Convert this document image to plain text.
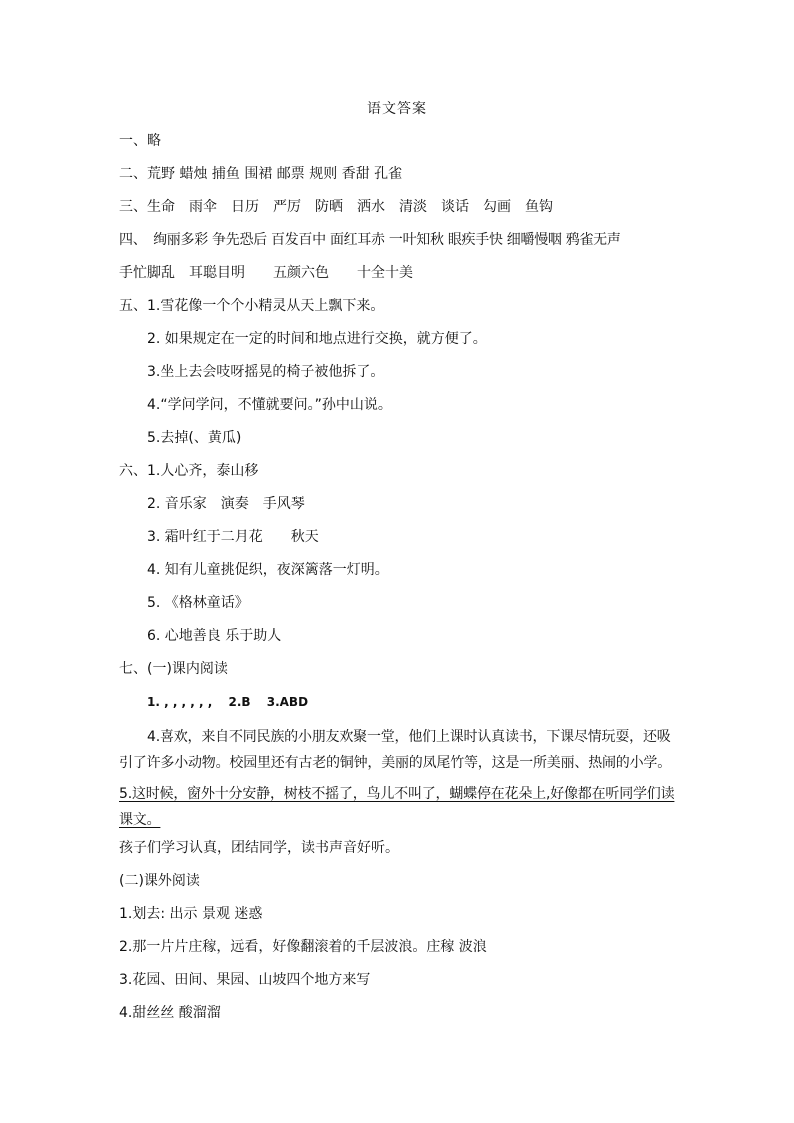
语文答案
一、略
二、荒野 蜡烛 捕鱼 围裙 邮票 规则 香甜 孔雀
三、生命　雨伞　日历　严厉　防晒　洒水　清淡　谈话　勾画　鱼钩
四、　绚丽多彩 争先恐后 百发百中 面红耳赤 一叶知秋 眼疾手快 细嚼慢咽 鸦雀无声
手忙脚乱　耳聪目明　　五颜六色　　十全十美
五、1.雪花像一个个小精灵从天上飘下来。
2. 如果规定在一定的时间和地点进行交换，就方便了。
3.坐上去会吱呀摇晃的椅子被他拆了。
4.“学问学问，不懂就要问。”孙中山说。
5.去掉(、黄瓜)
六、1.人心齐，泰山移
2. 音乐家　演奏　手风琴
3. 霜叶红于二月花　　秋天
4. 知有儿童挑促织，夜深篱落一灯明。
5. 《格林童话》
6. 心地善良 乐于助人
七、(一)课内阅读
1. , , , , , ,　 2.B　 3.ABD
4.喜欢，来自不同民族的小朋友欢聚一堂，他们上课时认真读书，下课尽情玩耍，还吸引了许多小动物。校园里还有古老的铜钟，美丽的凤尾竹等，这是一所美丽、热闹的小学。
5.这时候，窗外十分安静，树枝不摇了，鸟儿不叫了，蝴蝶停在花朵上,好像都在听同学们读课文。
孩子们学习认真，团结同学，读书声音好听。
(二)课外阅读
1.划去: 出示 景观 迷惑
2.那一片片庄稼，远看，好像翻滚着的千层波浪。庄稼 波浪
3.花园、田间、果园、山坡四个地方来写
4.甜丝丝 酸溜溜
